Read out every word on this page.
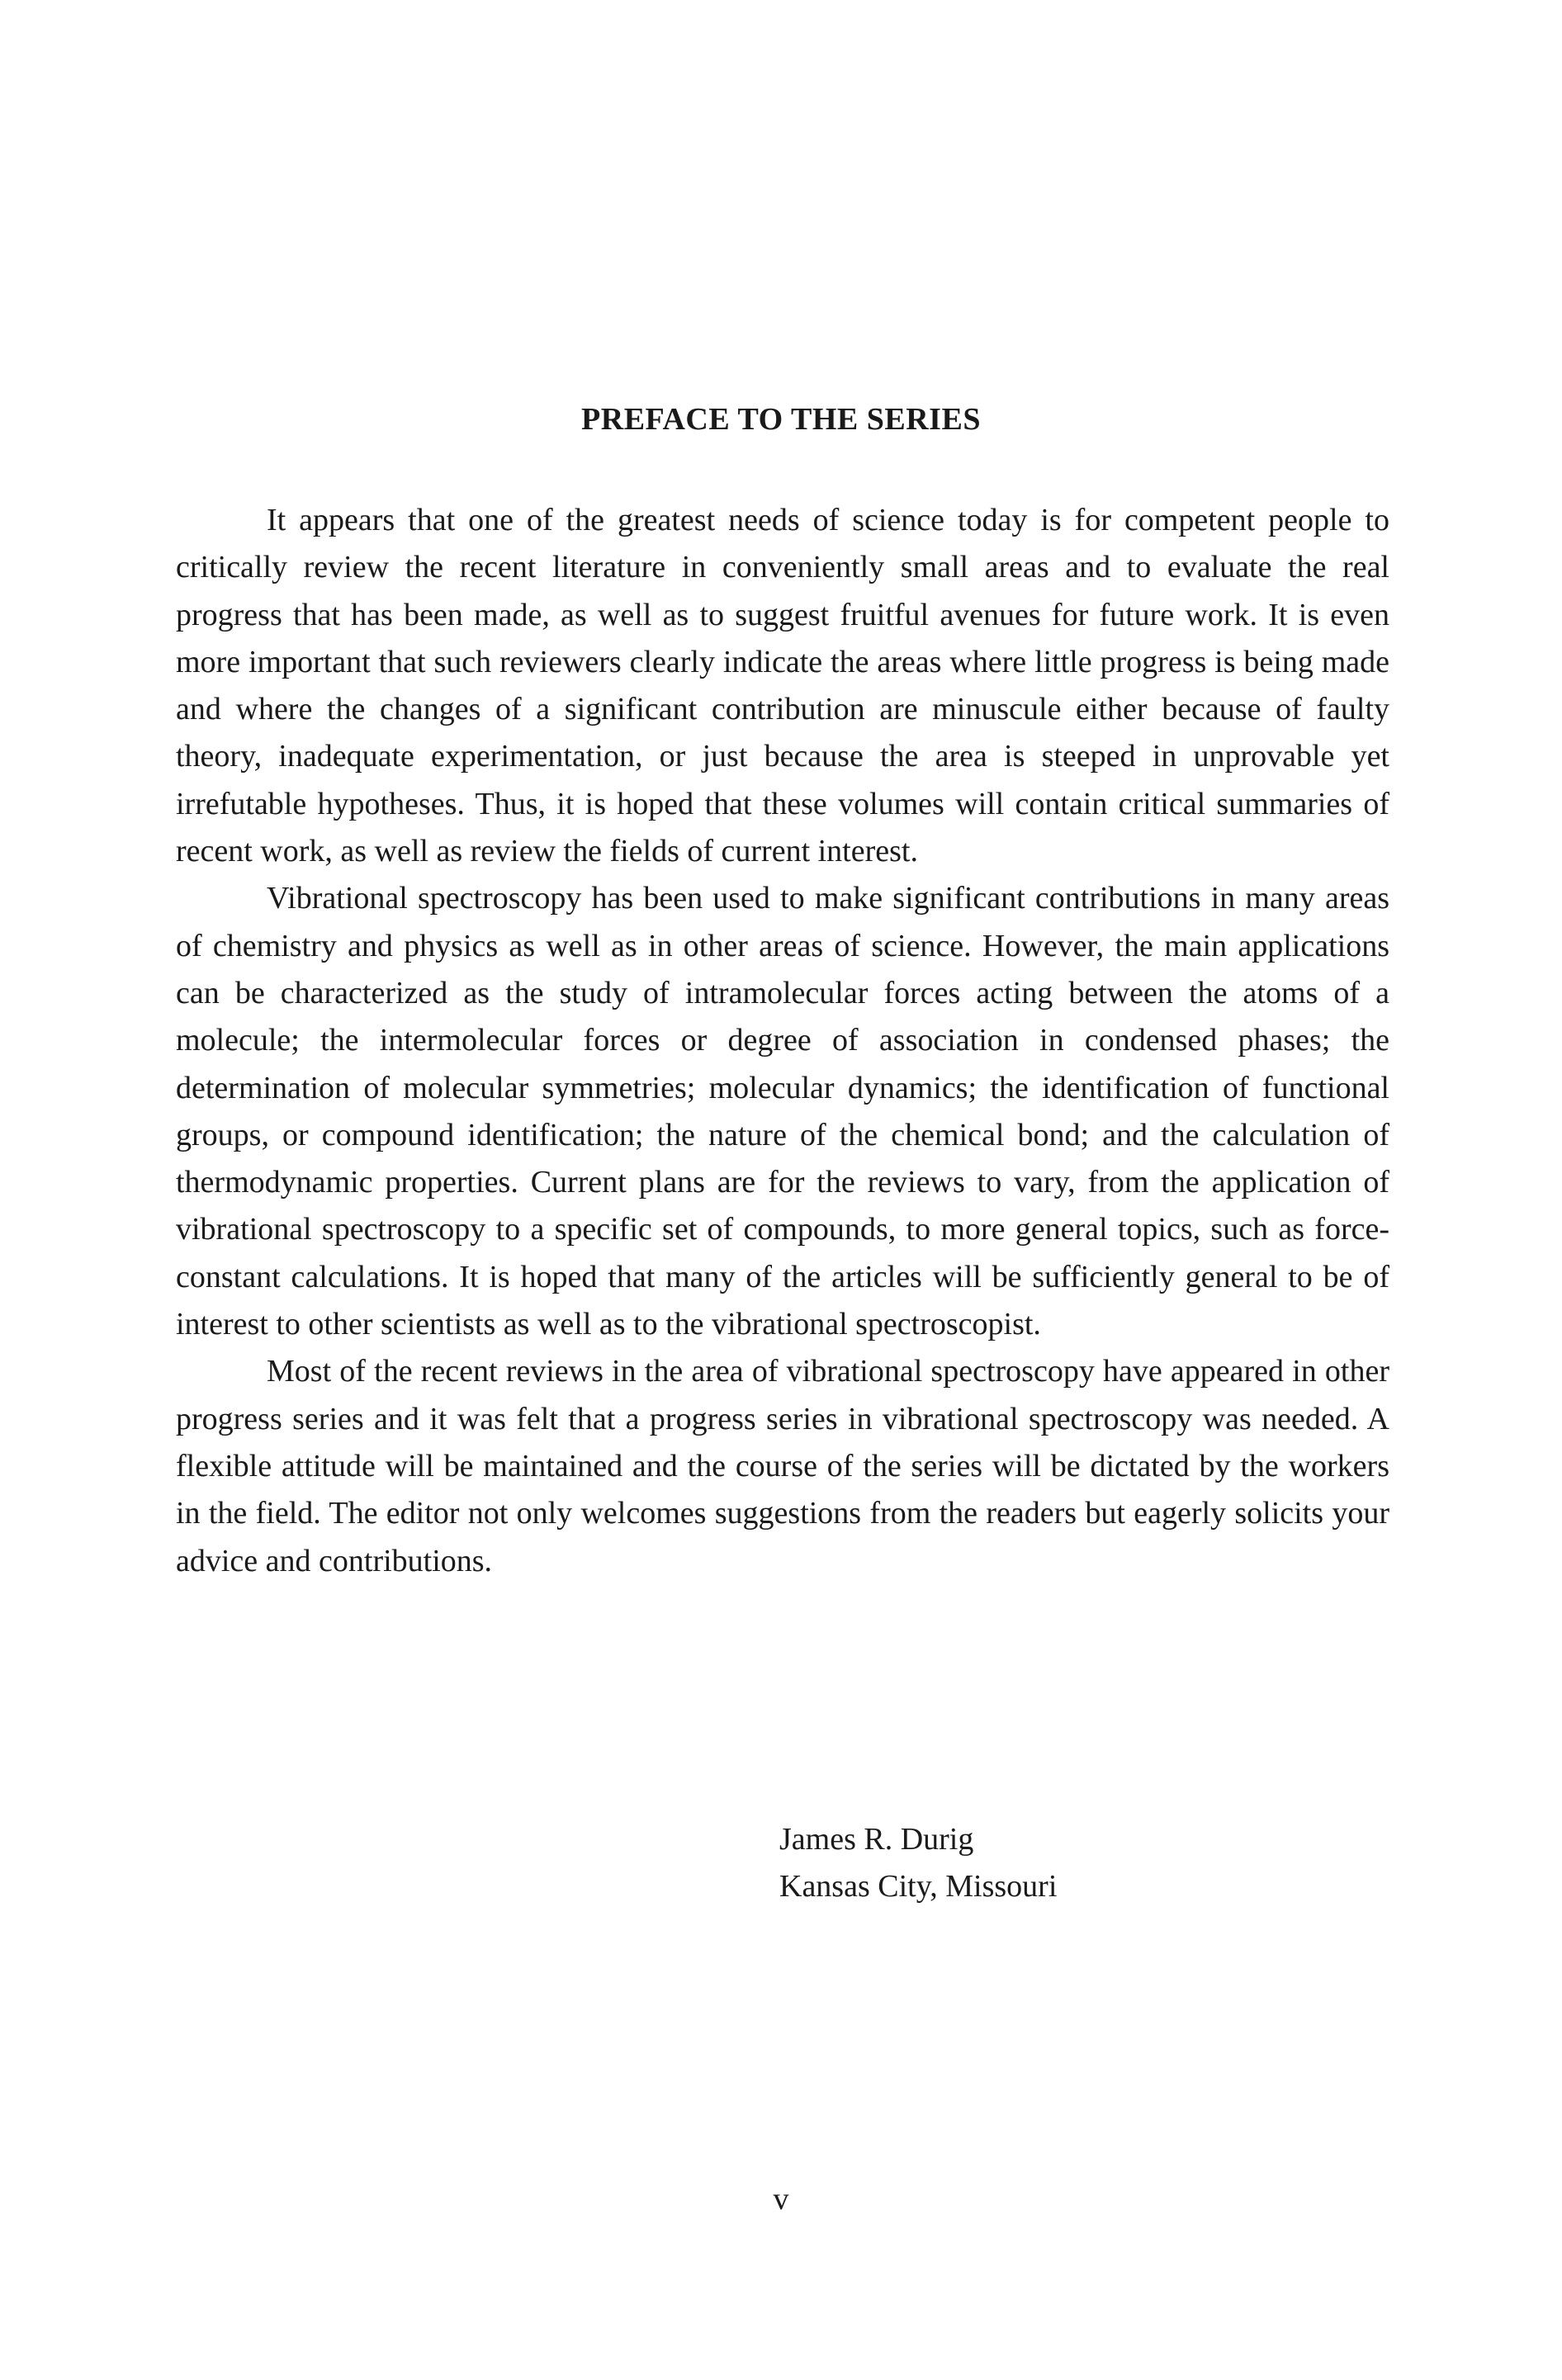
PREFACE TO THE SERIES

It appears that one of the greatest needs of science today is for competent people to critically review the recent literature in conveniently small areas and to evaluate the real progress that has been made, as well as to suggest fruitful avenues for future work. It is even more important that such reviewers clearly indicate the areas where little progress is being made and where the changes of a significant contribution are minuscule either because of faulty theory, inadequate experimentation, or just because the area is steeped in unprovable yet irrefutable hypotheses. Thus, it is hoped that these volumes will contain critical summaries of recent work, as well as review the fields of current interest.

Vibrational spectroscopy has been used to make significant contributions in many areas of chemistry and physics as well as in other areas of science. However, the main applications can be characterized as the study of intramolecular forces acting between the atoms of a molecule; the intermolecular forces or degree of association in condensed phases; the determination of molecular symmetries; molecular dynamics; the identification of functional groups, or compound identification; the nature of the chemical bond; and the calculation of thermodynamic properties. Current plans are for the reviews to vary, from the application of vibrational spectroscopy to a specific set of compounds, to more general topics, such as force-constant calculations. It is hoped that many of the articles will be sufficiently general to be of interest to other scientists as well as to the vibrational spectroscopist.

Most of the recent reviews in the area of vibrational spectroscopy have appeared in other progress series and it was felt that a progress series in vibrational spectroscopy was needed. A flexible attitude will be maintained and the course of the series will be dictated by the workers in the field. The editor not only welcomes suggestions from the readers but eagerly solicits your advice and contributions.

James R. Durig
Kansas City, Missouri
v
